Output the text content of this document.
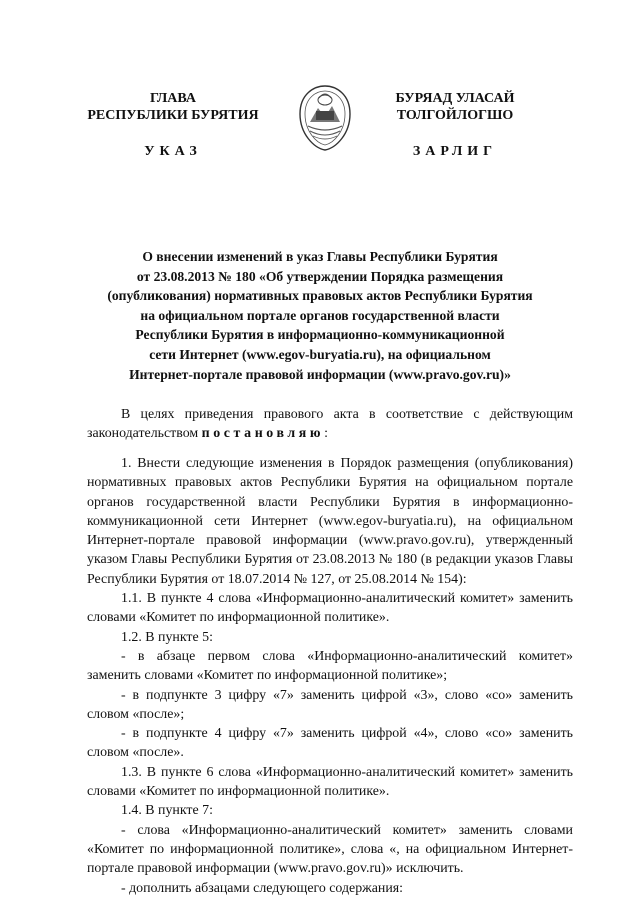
ГЛАВА
РЕСПУБЛИКИ БУРЯТИЯ
УКАЗ
БУРЯАД УЛАСАЙ
ТОЛГОЙЛОГШО
ЗАРЛИГ
О внесении изменений в указ Главы Республики Бурятия
от 23.08.2013 № 180 «Об утверждении Порядка размещения
(опубликования) нормативных правовых актов Республики Бурятия
на официальном портале органов государственной власти
Республики Бурятия в информационно-коммуникационной
сети Интернет (www.egov-buryatia.ru), на официальном
Интернет-портале правовой информации (www.pravo.gov.ru)»

В целях приведения правового акта в соответствие с действующим законодательством постановляю:

1. Внести следующие изменения в Порядок размещения (опубликования) нормативных правовых актов Республики Бурятия на официальном портале органов государственной власти Республики Бурятия в информационно-коммуникационной сети Интернет (www.egov-buryatia.ru), на официальном Интернет-портале правовой информации (www.pravo.gov.ru), утвержденный указом Главы Республики Бурятия от 23.08.2013 № 180 (в редакции указов Главы Республики Бурятия от 18.07.2014 № 127, от 25.08.2014 № 154):

1.1. В пункте 4 слова «Информационно-аналитический комитет» заменить словами «Комитет по информационной политике».

1.2. В пункте 5:

- в абзаце первом слова «Информационно-аналитический комитет» заменить словами «Комитет по информационной политике»;

- в подпункте 3 цифру «7» заменить цифрой «3», слово «со» заменить словом «после»;

- в подпункте 4 цифру «7» заменить цифрой «4», слово «со» заменить словом «после».

1.3. В пункте 6 слова «Информационно-аналитический комитет» заменить словами «Комитет по информационной политике».

1.4. В пункте 7:

- слова «Информационно-аналитический комитет» заменить словами «Комитет по информационной политике», слова «, на официальном Интернет-портале правовой информации (www.pravo.gov.ru)» исключить.

- дополнить абзацами следующего содержания:
